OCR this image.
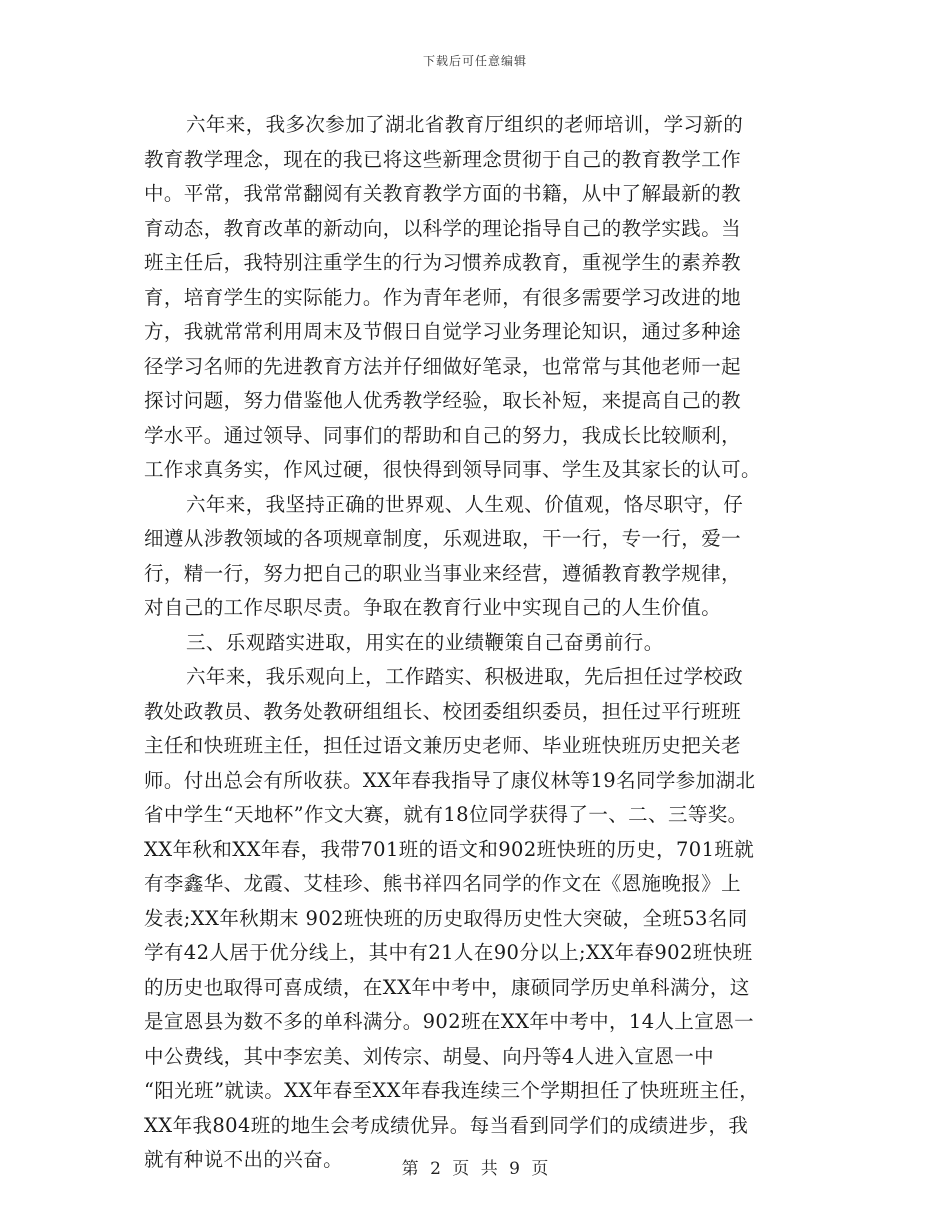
下载后可任意编辑
六年来，我多次参加了湖北省教育厅组织的老师培训，学习新的
教育教学理念，现在的我已将这些新理念贯彻于自己的教育教学工作
中。平常，我常常翻阅有关教育教学方面的书籍，从中了解最新的教
育动态，教育改革的新动向，以科学的理论指导自己的教学实践。当
班主任后，我特别注重学生的行为习惯养成教育，重视学生的素养教
育，培育学生的实际能力。作为青年老师，有很多需要学习改进的地
方，我就常常利用周末及节假日自觉学习业务理论知识，通过多种途
径学习名师的先进教育方法并仔细做好笔录，也常常与其他老师一起
探讨问题，努力借鉴他人优秀教学经验，取长补短，来提高自己的教
学水平。通过领导、同事们的帮助和自己的努力，我成长比较顺利，
工作求真务实，作风过硬，很快得到领导同事、学生及其家长的认可。
六年来，我坚持正确的世界观、人生观、价值观，恪尽职守，仔
细遵从涉教领域的各项规章制度，乐观进取，干一行，专一行，爱一
行，精一行，努力把自己的职业当事业来经营，遵循教育教学规律，
对自己的工作尽职尽责。争取在教育行业中实现自己的人生价值。
三、乐观踏实进取，用实在的业绩鞭策自己奋勇前行。
六年来，我乐观向上，工作踏实、积极进取，先后担任过学校政
教处政教员、教务处教研组组长、校团委组织委员，担任过平行班班
主任和快班班主任，担任过语文兼历史老师、毕业班快班历史把关老
师。付出总会有所收获。XX年春我指导了康仪林等19名同学参加湖北
省中学生“天地杯”作文大赛，就有18位同学获得了一、二、三等奖。
XX年秋和XX年春，我带701班的语文和902班快班的历史，701班就
有李鑫华、龙霞、艾桂珍、熊书祥四名同学的作文在《恩施晚报》上
发表;XX年秋期末 902班快班的历史取得历史性大突破，全班53名同
学有42人居于优分线上，其中有21人在90分以上;XX年春902班快班
的历史也取得可喜成绩，在XX年中考中，康硕同学历史单科满分，这
是宣恩县为数不多的单科满分。902班在XX年中考中，14人上宣恩一
中公费线，其中李宏美、刘传宗、胡曼、向丹等4人进入宣恩一中
“阳光班”就读。XX年春至XX年春我连续三个学期担任了快班班主任，
XX年我804班的地生会考成绩优异。每当看到同学们的成绩进步，我
就有种说不出的兴奋。	第 2 页 共 9 页
